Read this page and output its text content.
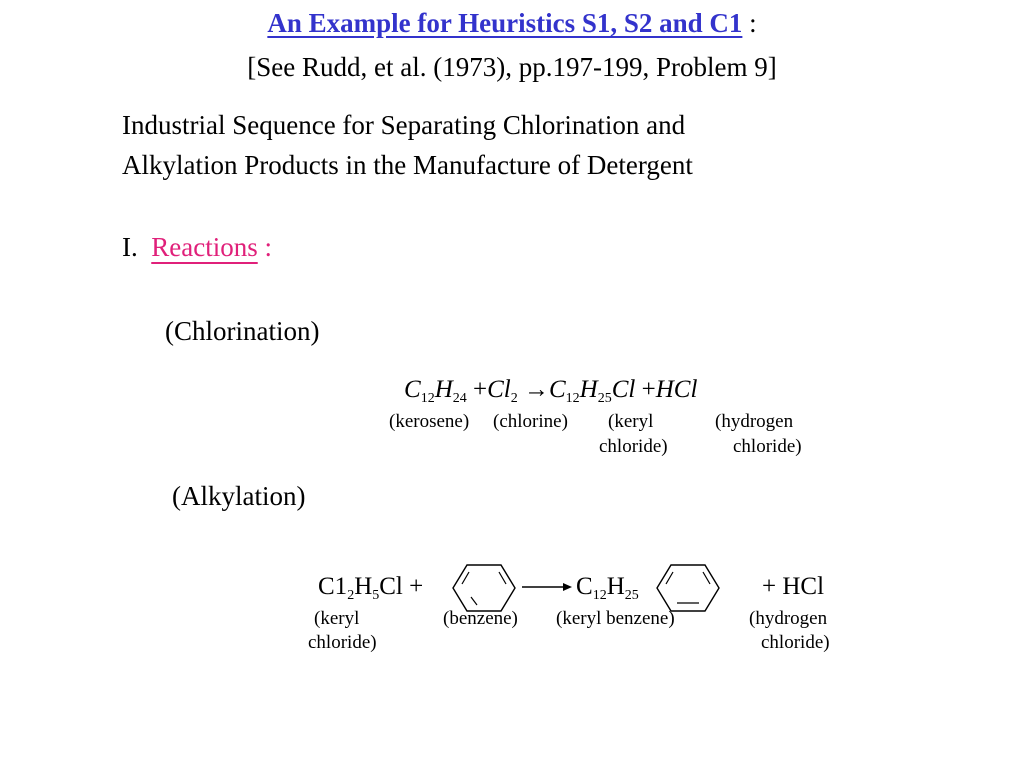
An Example for Heuristics S1, S2 and C1 :
[See Rudd, et al. (1973), pp.197-199, Problem 9]
Industrial Sequence for Separating Chlorination and
Alkylation Products in the Manufacture of Detergent
I. Reactions :
(Chlorination)
$C_{12}H_{24} +Cl_2 \to C_{12}H_{25}Cl +HCl$
(kerosene) (chlorine) (keryl
chloride)
(hydrogen
chloride)
(Alkylation)
$C1_2H_5Cl$ +	→ $C_{12}H_{25}$	+ HCl
(keryl
chloride)
(benzene) (keryl benzene)	(hydrogen
chloride)
